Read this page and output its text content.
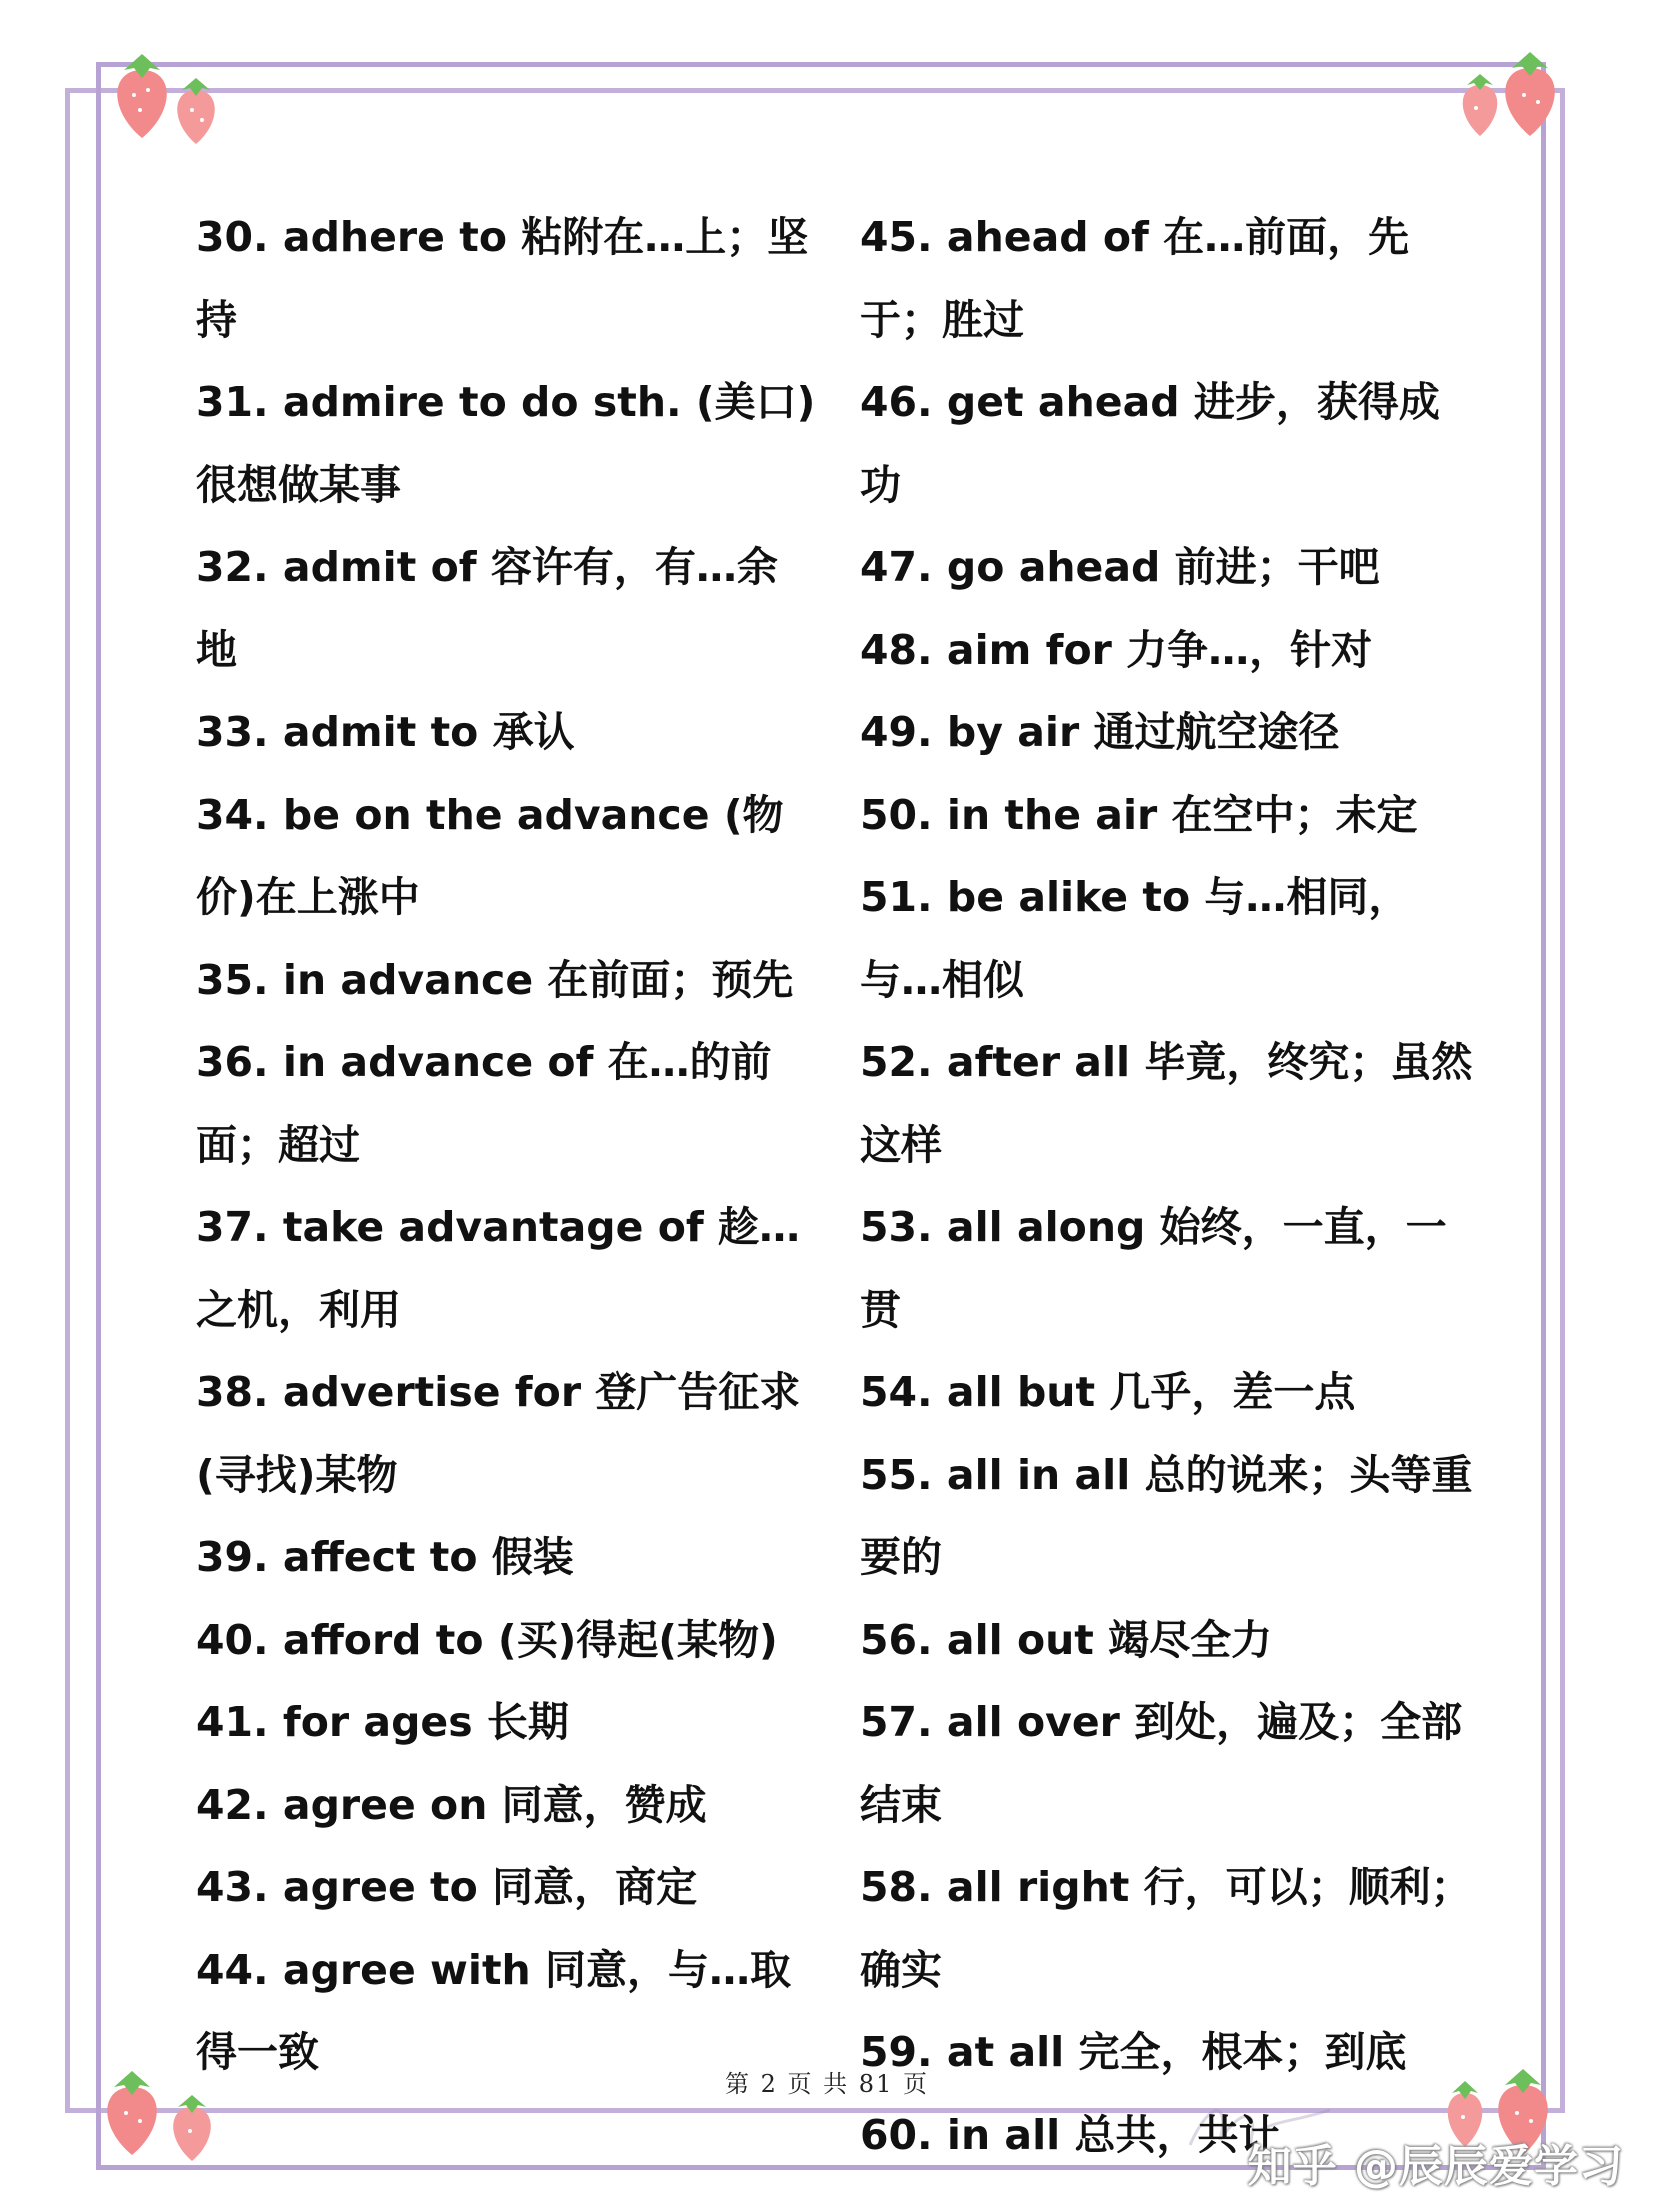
30. adhere to 粘附在…上；坚持

31. admire to do sth. (美口)很想做某事

32. admit of 容许有，有…余地

33. admit to 承认

34. be on the advance (物价)在上涨中

35. in advance 在前面；预先

36. in advance of 在…的前面；超过

37. take advantage of 趁…之机，利用

38. advertise for 登广告征求(寻找)某物

39. affect to 假装

40. afford to (买)得起(某物)

41. for ages 长期

42. agree on 同意，赞成

43. agree to 同意，商定

44. agree with 同意，与…取得一致

45. ahead of 在…前面，先于；胜过

46. get ahead 进步，获得成功

47. go ahead 前进；干吧

48. aim for 力争…，针对

49. by air 通过航空途径

50. in the air 在空中；未定

51. be alike to 与…相同，与…相似

52. after all 毕竟，终究；虽然这样

53. all along 始终，一直，一贯

54. all but 几乎，差一点

55. all in all 总的说来；头等重要的

56. all out 竭尽全力

57. all over 到处，遍及；全部结束

58. all right 行，可以；顺利；确实

59. at all 完全，根本；到底

60. in all 总共，共计

第 2 页 共 81 页
知乎 @辰辰爱学习
